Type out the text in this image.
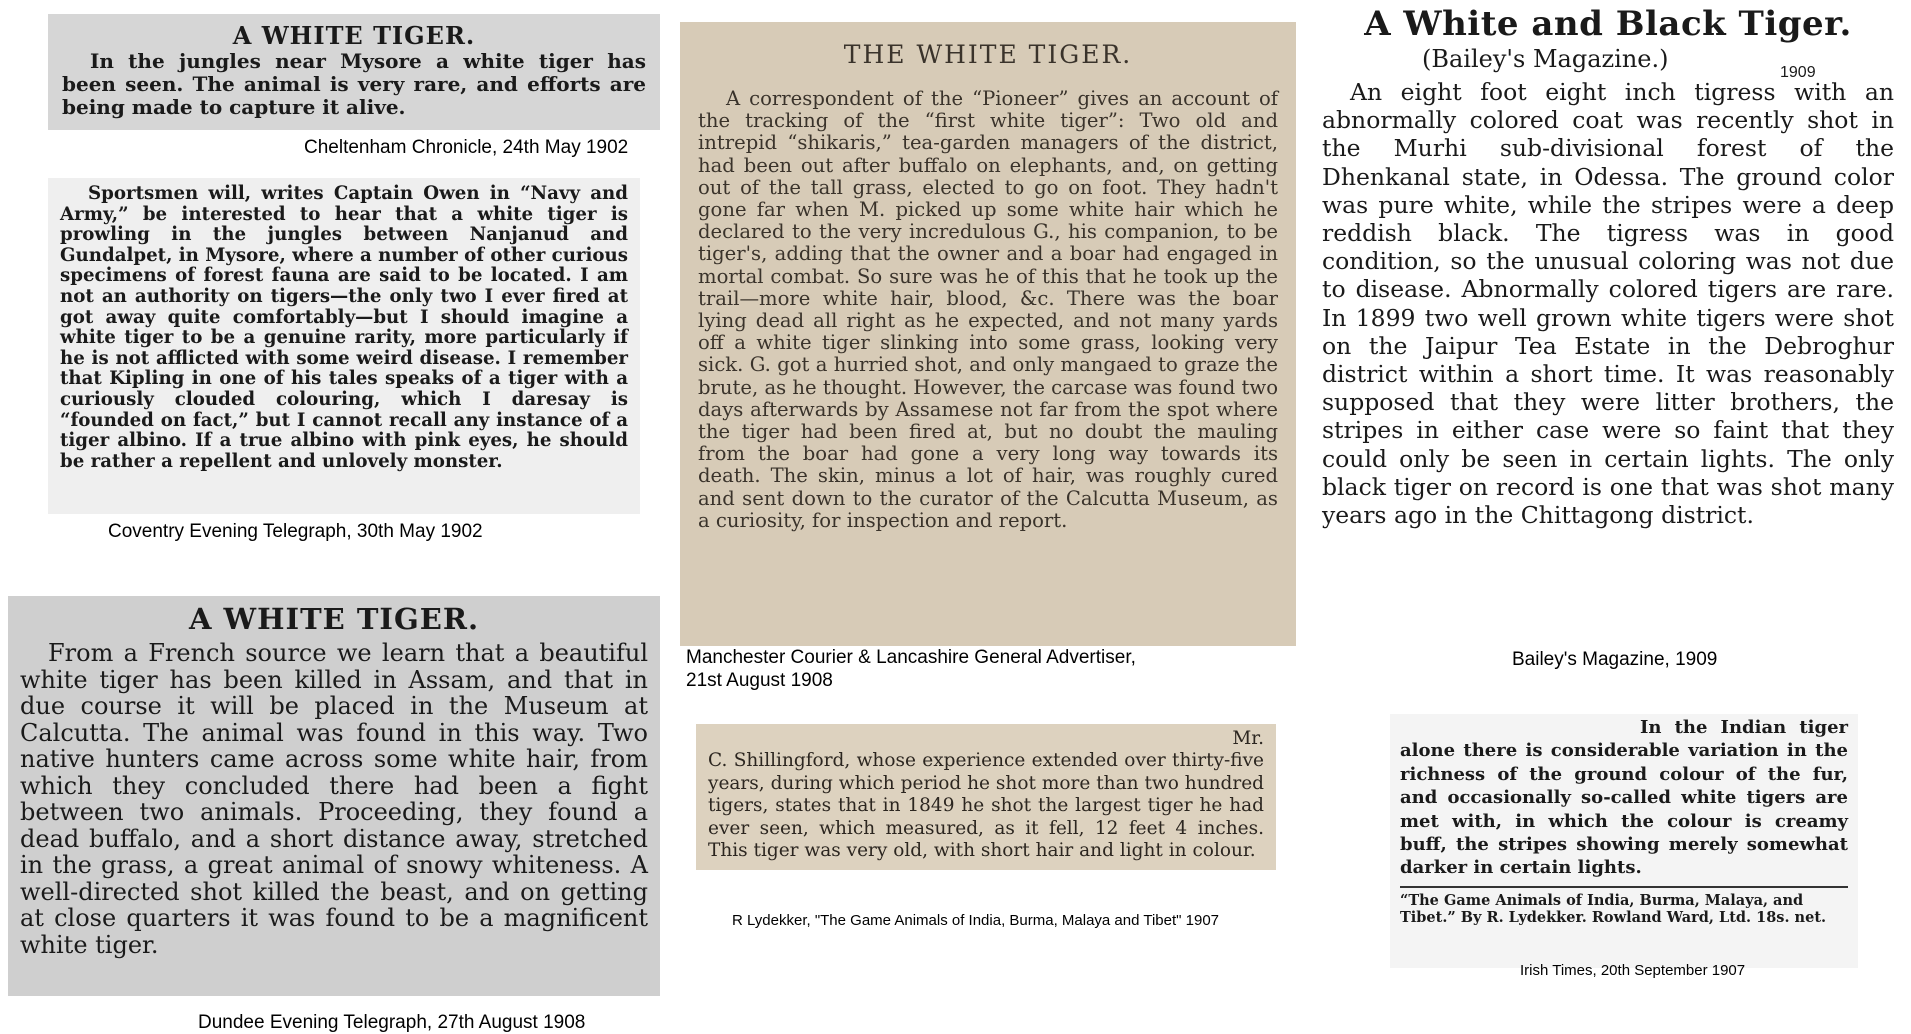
A WHITE TIGER.

In the jungles near Mysore a white tiger has been seen. The animal is very rare, and efforts are being made to capture it alive.

Cheltenham Chronicle, 24th May 1902

Sportsmen will, writes Captain Owen in “Navy and Army,” be interested to hear that a white tiger is prowling in the jungles between Nanjanud and Gundalpet, in Mysore, where a number of other curious specimens of forest fauna are said to be located. I am not an authority on tigers—the only two I ever fired at got away quite comfortably—but I should imagine a white tiger to be a genuine rarity, more particularly if he is not afflicted with some weird disease. I remember that Kipling in one of his tales speaks of a tiger with a curiously clouded colouring, which I daresay is “founded on fact,” but I cannot recall any instance of a tiger albino. If a true albino with pink eyes, he should be rather a repellent and unlovely monster.

Coventry Evening Telegraph, 30th May 1902
A WHITE TIGER.

From a French source we learn that a beautiful white tiger has been killed in Assam, and that in due course it will be placed in the Museum at Calcutta. The animal was found in this way. Two native hunters came across some white hair, from which they concluded there had been a fight between two animals. Proceeding, they found a dead buffalo, and a short distance away, stretched in the grass, a great animal of snowy whiteness. A well-directed shot killed the beast, and on getting at close quarters it was found to be a magnificent white tiger.

Dundee Evening Telegraph, 27th August 1908
THE WHITE TIGER.

A correspondent of the “Pioneer” gives an account of the tracking of the “first white tiger”: Two old and intrepid “shikaris,” tea-garden managers of the district, had been out after buffalo on elephants, and, on getting out of the tall grass, elected to go on foot. They hadn't gone far when M. picked up some white hair which he declared to the very incredulous G., his companion, to be tiger's, adding that the owner and a boar had engaged in mortal combat. So sure was he of this that he took up the trail—more white hair, blood, &c. There was the boar lying dead all right as he expected, and not many yards off a white tiger slinking into some grass, looking very sick. G. got a hurried shot, and only mangaed to graze the brute, as he thought. However, the carcase was found two days afterwards by Assamese not far from the spot where the tiger had been fired at, but no doubt the mauling from the boar had gone a very long way towards its death. The skin, minus a lot of hair, was roughly cured and sent down to the curator of the Calcutta Museum, as a curiosity, for inspection and report.

Manchester Courier & Lancashire General Advertiser,
21st August 1908
Mr.

C. Shillingford, whose experience extended over thirty-five years, during which period he shot more than two hundred tigers, states that in 1849 he shot the largest tiger he had ever seen, which measured, as it fell, 12 feet 4 inches. This tiger was very old, with short hair and light in colour.

R Lydekker, "The Game Animals of India, Burma, Malaya and Tibet" 1907
A White and Black Tiger.
(Bailey's Magazine.)	1909

An eight foot eight inch tigress with an abnormally colored coat was recently shot in the Murhi sub-divisional forest of the Dhenkanal state, in Odessa. The ground color was pure white, while the stripes were a deep reddish black. The tigress was in good condition, so the unusual coloring was not due to disease. Abnormally colored tigers are rare. In 1899 two well grown white tigers were shot on the Jaipur Tea Estate in the Debroghur district within a short time. It was reasonably supposed that they were litter brothers, the stripes in either case were so faint that they could only be seen in certain lights. The only black tiger on record is one that was shot many years ago in the Chittagong district.

Bailey's Magazine, 1909

In the Indian tiger alone there is considerable variation in the richness of the ground colour of the fur, and occasionally so-called white tigers are met with, in which the colour is creamy buff, the stripes showing merely somewhat darker in certain lights.

“The Game Animals of India, Burma, Malaya, and Tibet.” By R. Lydekker. Rowland Ward, Ltd. 18s. net.
Irish Times, 20th September 1907
